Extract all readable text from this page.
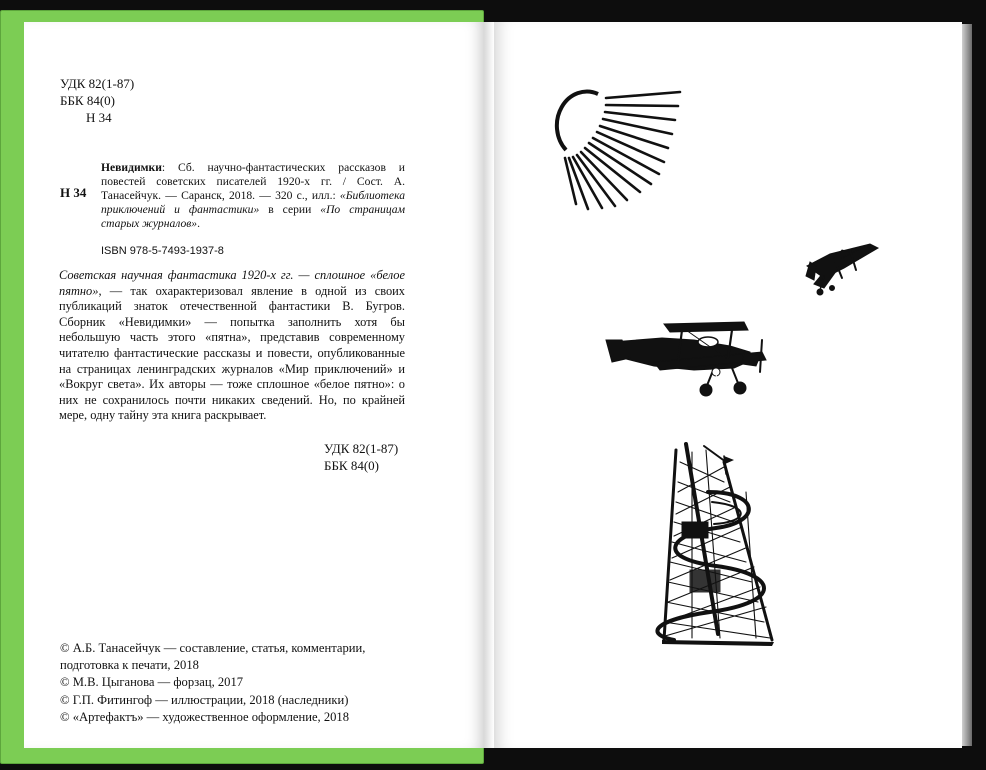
УДК 82(1-87)
ББК 84(0)
Н 34
Н 34
Невидимки: Сб. научно-фантастических рассказов и повестей советских писателей 1920-х гг. / Сост. А. Танасейчук. — Саранск, 2018. — 320 с., илл.: «Библиотека приключений и фантастики» в серии «По страницам старых журналов».
ISBN 978-5-7493-1937-8
Советская научная фантастика 1920-х гг. — сплошное «белое пятно», — так охарактеризовал явление в одной из своих публикаций знаток отечественной фантастики В. Бугров. Сборник «Невидимки» — попытка заполнить хотя бы небольшую часть этого «пятна», представив современному читателю фантастические рассказы и повести, опубликованные на страницах ленинградских журналов «Мир приключений» и «Вокруг света». Их авторы — тоже сплошное «белое пятно»: о них не сохранилось почти никаких сведений. Но, по крайней мере, одну тайну эта книга раскрывает.
УДК 82(1-87)
ББК 84(0)
© А.Б. Танасейчук — составление, статья, комментарии,
подготовка к печати, 2018
© М.В. Цыганова — форзац, 2017
© Г.П. Фитингоф — иллюстрации, 2018 (наследники)
© «Артефактъ» — художественное оформление, 2018
7
